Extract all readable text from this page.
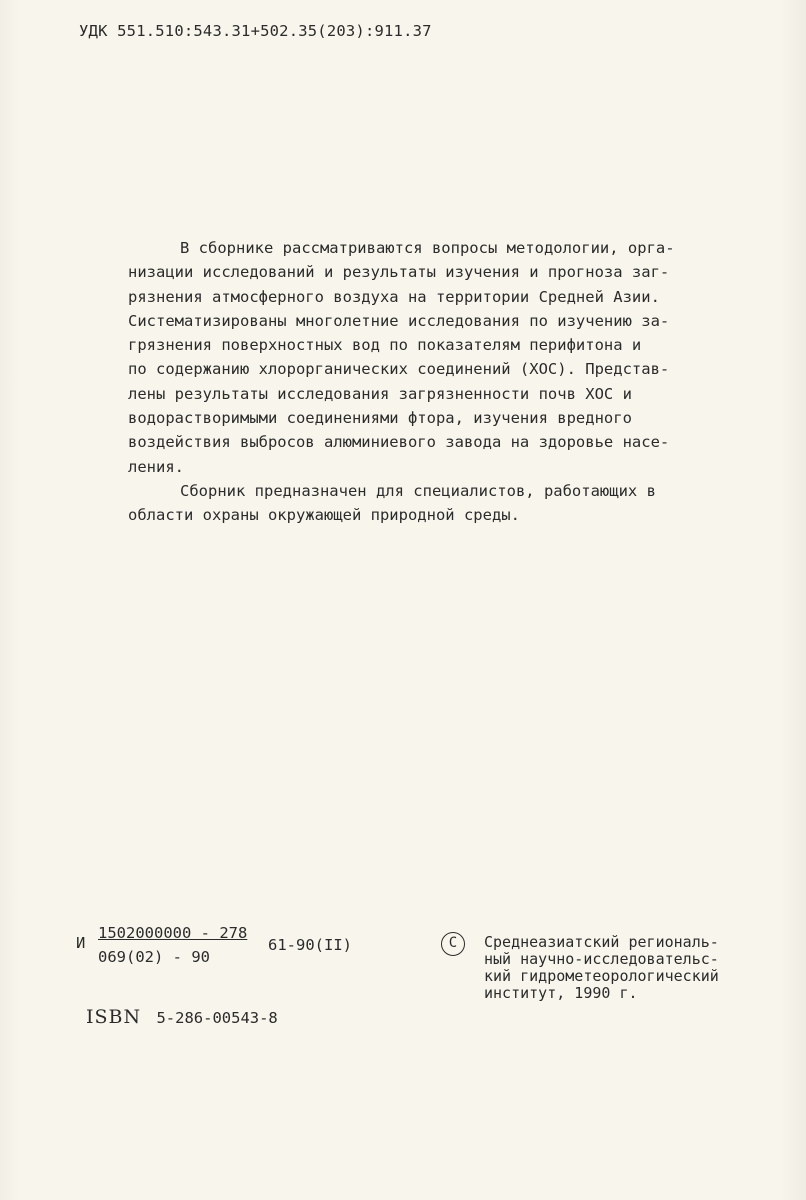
УДК 551.510:543.31+502.35(203):911.37
В сборнике рассматриваются вопросы методологии, орга-
низации исследований и результаты изучения и прогноза заг-
рязнения атмосферного воздуха на территории Средней Азии.
Систематизированы многолетние исследования по изучению за-
грязнения поверхностных вод по показателям перифитона и
по содержанию хлорорганических соединений (ХОС). Представ-
лены результаты исследования загрязненности почв ХОС и
водорастворимыми соединениями фтора, изучения вредного
воздействия выбросов алюминиевого завода на здоровье насе-
ления.
Сборник предназначен для специалистов, работающих в
области охраны окружающей природной среды.
И
1502000000 - 278
069(02) - 90
61-90(II)	С	Среднеазиатский региональ-
ный научно-исследовательс-
кий гидрометеорологический
институт, 1990 г.
ISBN 5-286-00543-8
